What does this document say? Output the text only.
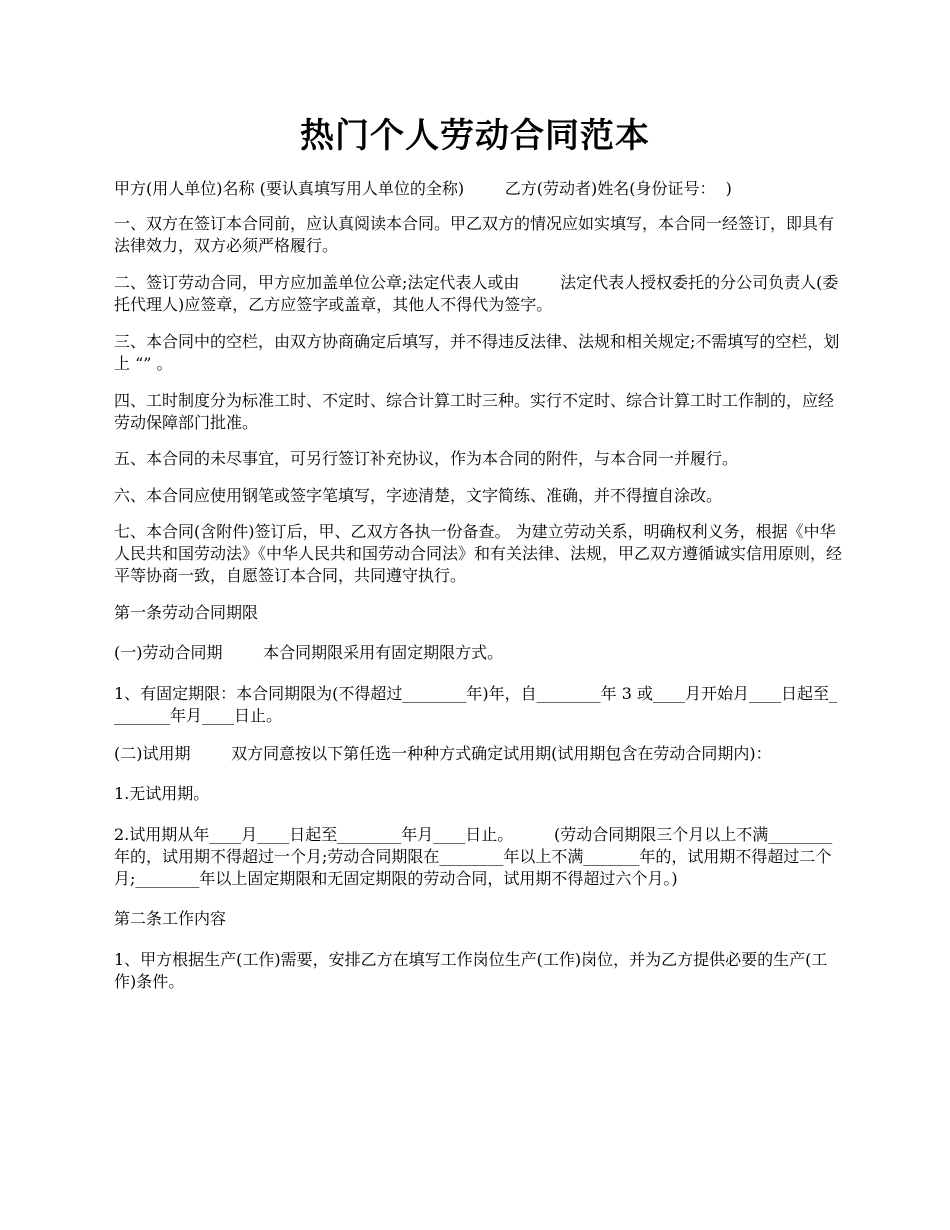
热门个人劳动合同范本

甲方(用人单位)名称 (要认真填写用人单位的全称)        乙方(劳动者)姓名(身份证号：  )

一、双方在签订本合同前，应认真阅读本合同。甲乙双方的情况应如实填写，本合同一经签订，即具有法律效力，双方必须严格履行。

二、签订劳动合同，甲方应加盖单位公章;法定代表人或由        法定代表人授权委托的分公司负责人(委托代理人)应签章，乙方应签字或盖章，其他人不得代为签字。

三、本合同中的空栏，由双方协商确定后填写，并不得违反法律、法规和相关规定;不需填写的空栏，划上 “” 。

四、工时制度分为标准工时、不定时、综合计算工时三种。实行不定时、综合计算工时工作制的，应经劳动保障部门批准。

五、本合同的未尽事宜，可另行签订补充协议，作为本合同的附件，与本合同一并履行。

六、本合同应使用钢笔或签字笔填写，字迹清楚，文字简练、准确，并不得擅自涂改。

七、本合同(含附件)签订后，甲、乙双方各执一份备查。 为建立劳动关系，明确权利义务，根据《中华人民共和国劳动法》《中华人民共和国劳动合同法》和有关法律、法规，甲乙双方遵循诚实信用原则，经平等协商一致，自愿签订本合同，共同遵守执行。

第一条劳动合同期限

(一)劳动合同期        本合同期限采用有固定期限方式。

1、有固定期限：本合同期限为(不得超过________年)年，自________年 3 或____月开始月____日起至________年月____日止。

(二)试用期        双方同意按以下第任选一种种方式确定试用期(试用期包含在劳动合同期内)：

1.无试用期。

2.试用期从年____月____日起至________年月____日止。        (劳动合同期限三个月以上不满________年的，试用期不得超过一个月;劳动合同期限在________年以上不满_______年的，试用期不得超过二个月;________年以上固定期限和无固定期限的劳动合同，试用期不得超过六个月。)

第二条工作内容

1、甲方根据生产(工作)需要，安排乙方在填写工作岗位生产(工作)岗位，并为乙方提供必要的生产(工作)条件。
